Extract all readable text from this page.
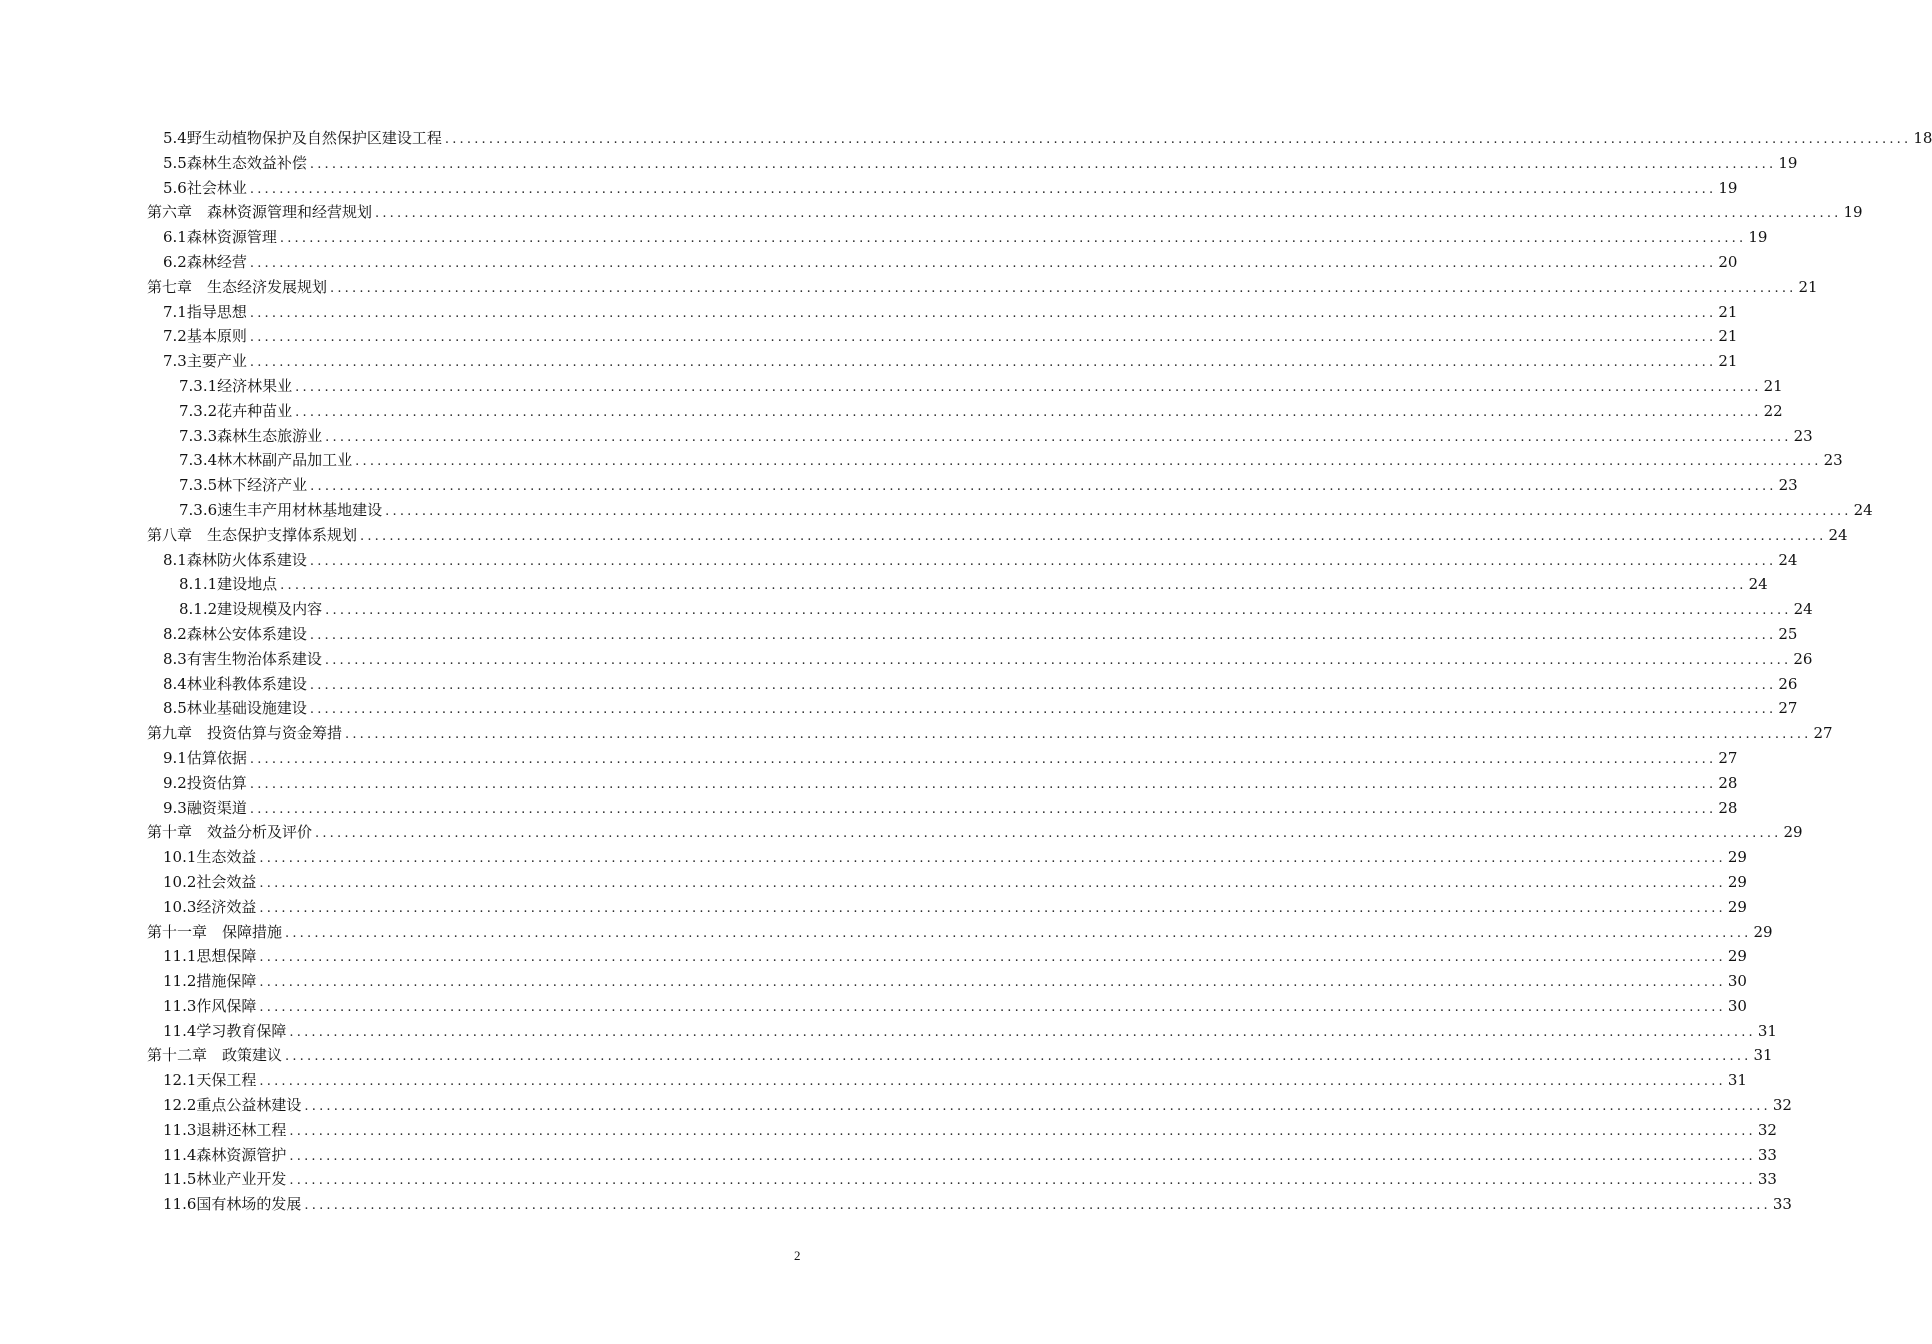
5.4野生动植物保护及自然保护区建设工程 ........................................................................................................................................................................................................ 18
5.5森林生态效益补偿 ........................................................................................................................................................................................................ 19
5.6社会林业 ........................................................................................................................................................................................................ 19
第六章　森林资源管理和经营规划 ........................................................................................................................................................................................................ 19
6.1森林资源管理 ........................................................................................................................................................................................................ 19
6.2森林经营 ........................................................................................................................................................................................................ 20
第七章　生态经济发展规划 ........................................................................................................................................................................................................ 21
7.1指导思想 ........................................................................................................................................................................................................ 21
7.2基本原则 ........................................................................................................................................................................................................ 21
7.3主要产业 ........................................................................................................................................................................................................ 21
7.3.1经济林果业 ........................................................................................................................................................................................................ 21
7.3.2花卉种苗业 ........................................................................................................................................................................................................ 22
7.3.3森林生态旅游业 ........................................................................................................................................................................................................ 23
7.3.4林木林副产品加工业 ........................................................................................................................................................................................................ 23
7.3.5林下经济产业 ........................................................................................................................................................................................................ 23
7.3.6速生丰产用材林基地建设 ........................................................................................................................................................................................................ 24
第八章　生态保护支撑体系规划 ........................................................................................................................................................................................................ 24
8.1森林防火体系建设 ........................................................................................................................................................................................................ 24
8.1.1建设地点 ........................................................................................................................................................................................................ 24
8.1.2建设规模及内容 ........................................................................................................................................................................................................ 24
8.2森林公安体系建设 ........................................................................................................................................................................................................ 25
8.3有害生物治体系建设 ........................................................................................................................................................................................................ 26
8.4林业科教体系建设 ........................................................................................................................................................................................................ 26
8.5林业基础设施建设 ........................................................................................................................................................................................................ 27
第九章　投资估算与资金筹措 ........................................................................................................................................................................................................ 27
9.1估算依据 ........................................................................................................................................................................................................ 27
9.2投资估算 ........................................................................................................................................................................................................ 28
9.3融资渠道 ........................................................................................................................................................................................................ 28
第十章　效益分析及评价 ........................................................................................................................................................................................................ 29
10.1生态效益 ........................................................................................................................................................................................................ 29
10.2社会效益 ........................................................................................................................................................................................................ 29
10.3经济效益 ........................................................................................................................................................................................................ 29
第十一章　保障措施 ........................................................................................................................................................................................................ 29
11.1思想保障 ........................................................................................................................................................................................................ 29
11.2措施保障 ........................................................................................................................................................................................................ 30
11.3作风保障 ........................................................................................................................................................................................................ 30
11.4学习教育保障 ........................................................................................................................................................................................................ 31
第十二章　政策建议 ........................................................................................................................................................................................................ 31
12.1天保工程 ........................................................................................................................................................................................................ 31
12.2重点公益林建设 ........................................................................................................................................................................................................ 32
11.3退耕还林工程 ........................................................................................................................................................................................................ 32
11.4森林资源管护 ........................................................................................................................................................................................................ 33
11.5林业产业开发 ........................................................................................................................................................................................................ 33
11.6国有林场的发展 ........................................................................................................................................................................................................ 33
2
